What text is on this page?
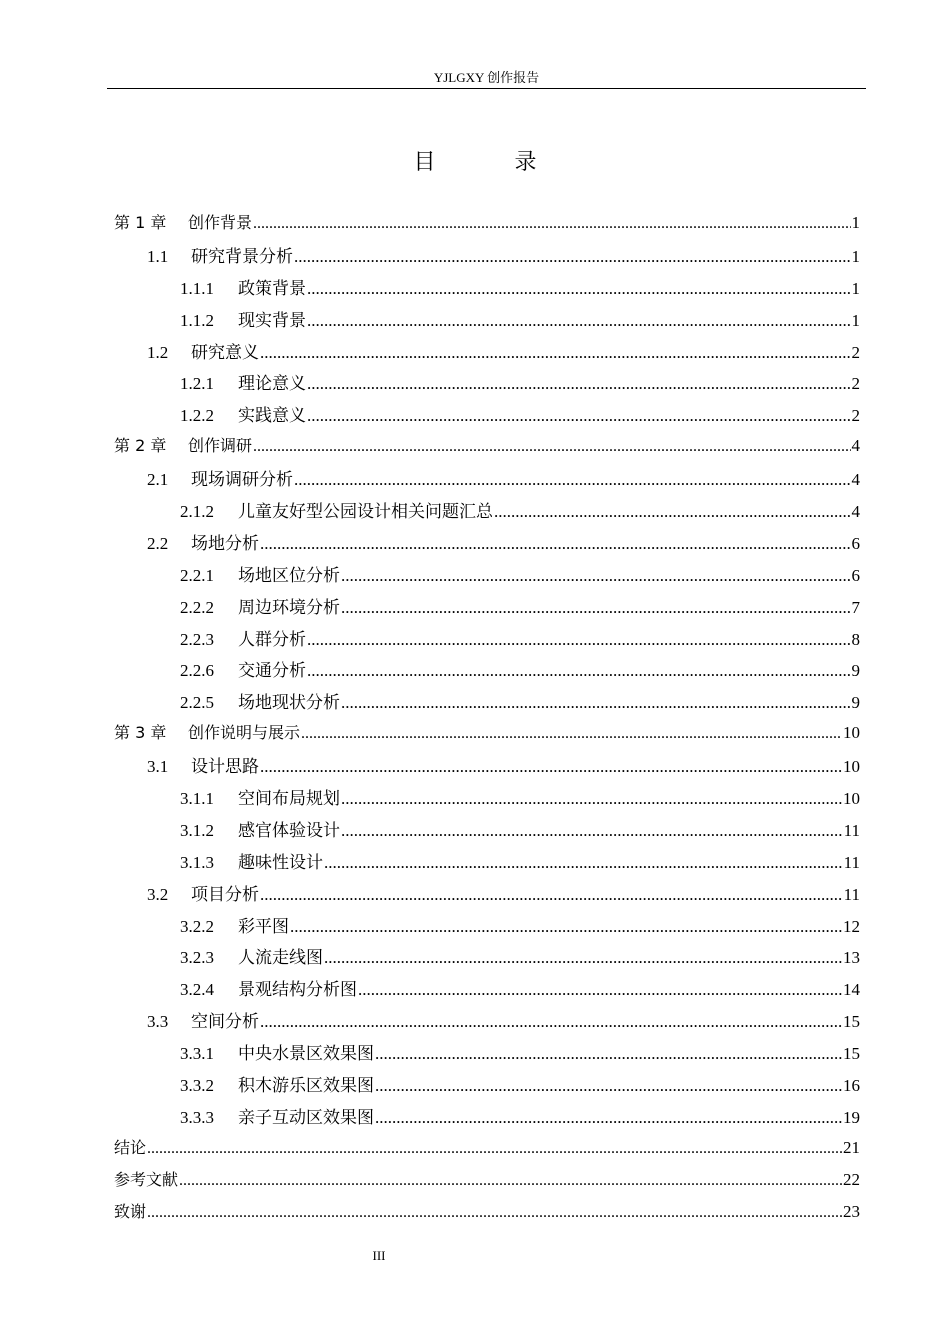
YJLGXY 创作报告
目 录
第 1 章	创作背景 .....	1
1.1	研究背景分析 .....	1
1.1.1	政策背景 .....	1
1.1.2	现实背景 .....	1
1.2	研究意义 .....	2
1.2.1	理论意义 .....	2
1.2.2	实践意义 .....	2
第 2 章	创作调研 .....	4
2.1	现场调研分析 .....	4
2.1.2	儿童友好型公园设计相关问题汇总 .....	4
2.2	场地分析 .....	6
2.2.1	场地区位分析 .....	6
2.2.2	周边环境分析 .....	7
2.2.3	人群分析 .....	8
2.2.6	交通分析 .....	9
2.2.5	场地现状分析 .....	9
第 3 章	创作说明与展示 .....	10
3.1	设计思路 .....	10
3.1.1	空间布局规划 .....	10
3.1.2	感官体验设计 .....	11
3.1.3	趣味性设计 .....	11
3.2	项目分析 .....	11
3.2.2	彩平图 .....	12
3.2.3	人流走线图 .....	13
3.2.4	景观结构分析图 .....	14
3.3	空间分析 .....	15
3.3.1	中央水景区效果图 .....	15
3.3.2	积木游乐区效果图 .....	16
3.3.3	亲子互动区效果图 .....	19
结论 .....	21
参考文献 .....	22
致谢 .....	23
III
